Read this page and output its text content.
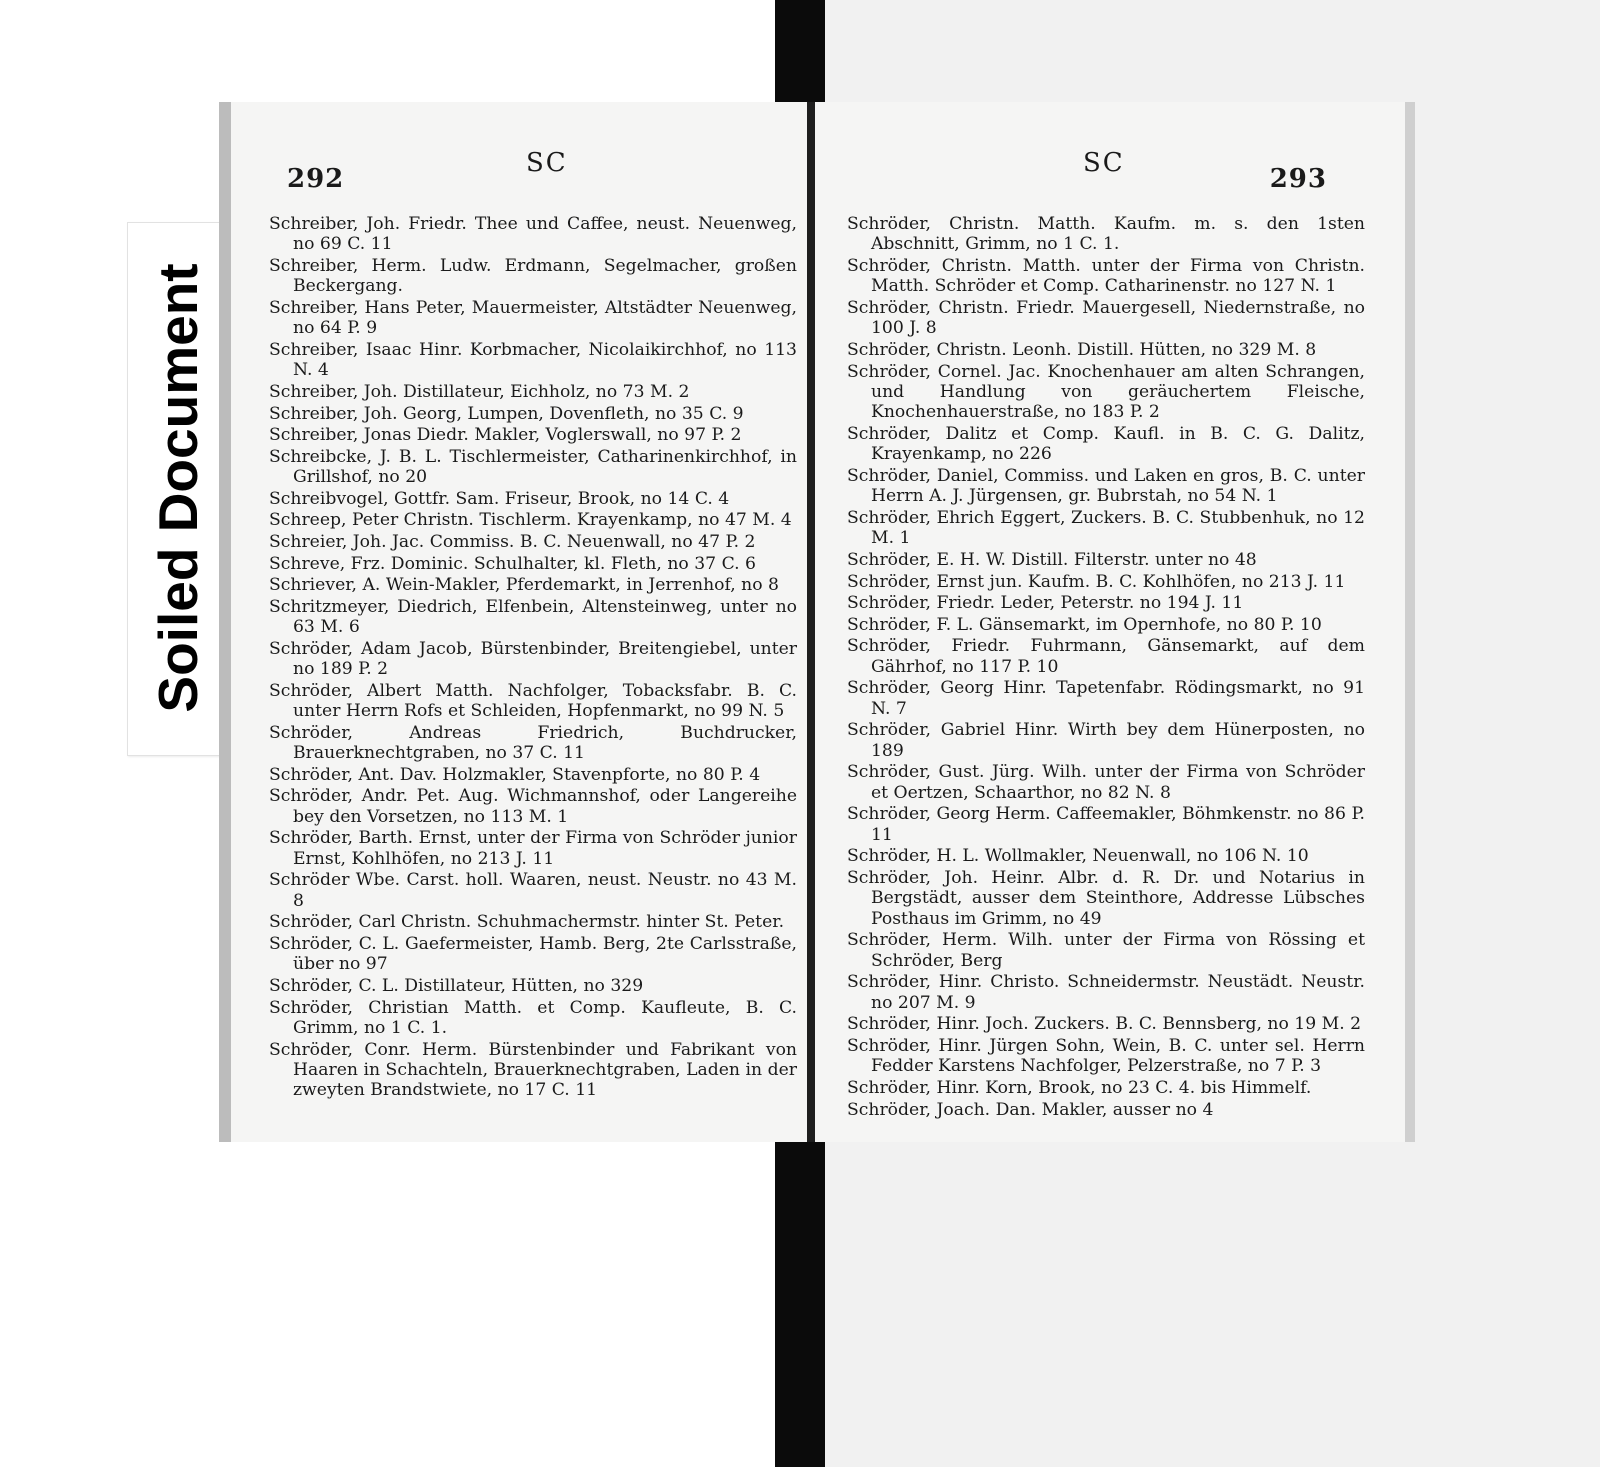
Soiled Document
292
SC
Schreiber, Joh. Friedr. Thee und Caffee, neust. Neuenweg, no 69 C. 11
Schreiber, Herm. Ludw. Erdmann, Segelmacher, großen Beckergang.
Schreiber, Hans Peter, Mauermeister, Altstädter Neuenweg, no 64 P. 9
Schreiber, Isaac Hinr. Korbmacher, Nicolaikirchhof, no 113 N. 4
Schreiber, Joh. Distillateur, Eichholz, no 73 M. 2
Schreiber, Joh. Georg, Lumpen, Dovenfleth, no 35 C. 9
Schreiber, Jonas Diedr. Makler, Voglerswall, no 97 P. 2
Schreibcke, J. B. L. Tischlermeister, Catharinenkirchhof, in Grillshof, no 20
Schreibvogel, Gottfr. Sam. Friseur, Brook, no 14 C. 4
Schreep, Peter Christn. Tischlerm. Krayenkamp, no 47 M. 4
Schreier, Joh. Jac. Commiss. B. C. Neuenwall, no 47 P. 2
Schreve, Frz. Dominic. Schulhalter, kl. Fleth, no 37 C. 6
Schriever, A. Wein-Makler, Pferdemarkt, in Jerrenhof, no 8
Schritzmeyer, Diedrich, Elfenbein, Altensteinweg, unter no 63 M. 6
Schröder, Adam Jacob, Bürstenbinder, Breitengiebel, unter no 189 P. 2
Schröder, Albert Matth. Nachfolger, Tobacksfabr. B. C. unter Herrn Rofs et Schleiden, Hopfenmarkt, no 99 N. 5
Schröder, Andreas Friedrich, Buchdrucker, Brauerknechtgraben, no 37 C. 11
Schröder, Ant. Dav. Holzmakler, Stavenpforte, no 80 P. 4
Schröder, Andr. Pet. Aug. Wichmannshof, oder Langereihe bey den Vorsetzen, no 113 M. 1
Schröder, Barth. Ernst, unter der Firma von Schröder junior Ernst, Kohlhöfen, no 213 J. 11
Schröder Wbe. Carst. holl. Waaren, neust. Neustr. no 43 M. 8
Schröder, Carl Christn. Schuhmachermstr. hinter St. Peter.
Schröder, C. L. Gaefermeister, Hamb. Berg, 2te Carlsstraße, über no 97
Schröder, C. L. Distillateur, Hütten, no 329
Schröder, Christian Matth. et Comp. Kaufleute, B. C. Grimm, no 1 C. 1.
Schröder, Conr. Herm. Bürstenbinder und Fabrikant von Haaren in Schachteln, Brauerknechtgraben, Laden in der zweyten Brandstwiete, no 17 C. 11
SC
293
Schröder, Christn. Matth. Kaufm. m. s. den 1sten Abschnitt, Grimm, no 1 C. 1.
Schröder, Christn. Matth. unter der Firma von Christn. Matth. Schröder et Comp. Catharinenstr. no 127 N. 1
Schröder, Christn. Friedr. Mauergesell, Niedernstraße, no 100 J. 8
Schröder, Christn. Leonh. Distill. Hütten, no 329 M. 8
Schröder, Cornel. Jac. Knochenhauer am alten Schrangen, und Handlung von geräuchertem Fleische, Knochenhauerstraße, no 183 P. 2
Schröder, Dalitz et Comp. Kaufl. in B. C. G. Dalitz, Krayenkamp, no 226
Schröder, Daniel, Commiss. und Laken en gros, B. C. unter Herrn A. J. Jürgensen, gr. Bubrstah, no 54 N. 1
Schröder, Ehrich Eggert, Zuckers. B. C. Stubbenhuk, no 12 M. 1
Schröder, E. H. W. Distill. Filterstr. unter no 48
Schröder, Ernst jun. Kaufm. B. C. Kohlhöfen, no 213 J. 11
Schröder, Friedr. Leder, Peterstr. no 194 J. 11
Schröder, F. L. Gänsemarkt, im Opernhofe, no 80 P. 10
Schröder, Friedr. Fuhrmann, Gänsemarkt, auf dem Gährhof, no 117 P. 10
Schröder, Georg Hinr. Tapetenfabr. Rödingsmarkt, no 91 N. 7
Schröder, Gabriel Hinr. Wirth bey dem Hünerposten, no 189
Schröder, Gust. Jürg. Wilh. unter der Firma von Schröder et Oertzen, Schaarthor, no 82 N. 8
Schröder, Georg Herm. Caffeemakler, Böhmkenstr. no 86 P. 11
Schröder, H. L. Wollmakler, Neuenwall, no 106 N. 10
Schröder, Joh. Heinr. Albr. d. R. Dr. und Notarius in Bergstädt, ausser dem Steinthore, Addresse Lübsches Posthaus im Grimm, no 49
Schröder, Herm. Wilh. unter der Firma von Rössing et Schröder, Berg
Schröder, Hinr. Christo. Schneidermstr. Neustädt. Neustr. no 207 M. 9
Schröder, Hinr. Joch. Zuckers. B. C. Bennsberg, no 19 M. 2
Schröder, Hinr. Jürgen Sohn, Wein, B. C. unter sel. Herrn Fedder Karstens Nachfolger, Pelzerstraße, no 7 P. 3
Schröder, Hinr. Korn, Brook, no 23 C. 4. bis Himmelf.
Schröder, Joach. Dan. Makler, ausser no 4
